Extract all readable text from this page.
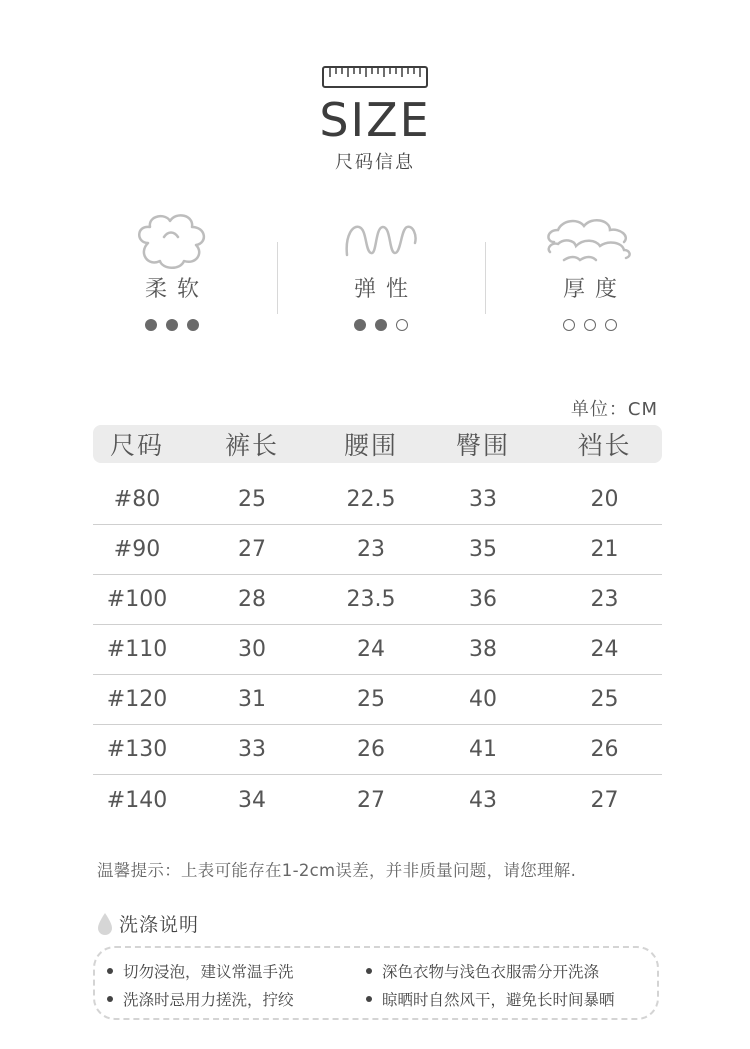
SIZE
尺码信息
柔软	弹性	厚度
单位：CM
尺码	裤长	腰围	臀围	裆长
#80	25	22.5	33	20
#90	27	23	35	21
#100	28	23.5	36	23
#110	30	24	38	24
#120	31	25	40	25
#130	33	26	41	26
#140	34	27	43	27
温馨提示：上表可能存在1-2cm误差，并非质量问题，请您理解.
洗涤说明
切勿浸泡，建议常温手洗	深色衣物与浅色衣服需分开洗涤
洗涤时忌用力搓洗，拧绞	晾晒时自然风干，避免长时间暴晒
